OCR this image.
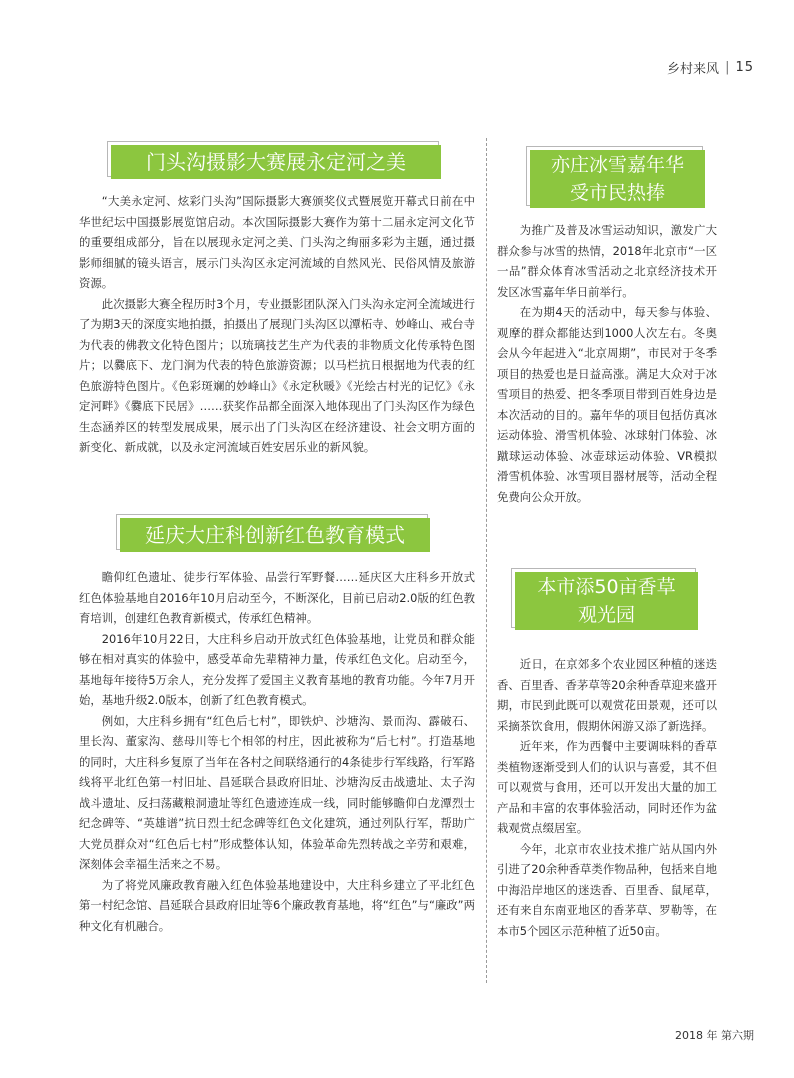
乡村来风 | 15
门头沟摄影大赛展永定河之美

“大美永定河、炫彩门头沟”国际摄影大赛颁奖仪式暨展览开幕式日前在中华世纪坛中国摄影展览馆启动。本次国际摄影大赛作为第十二届永定河文化节的重要组成部分，旨在以展现永定河之美、门头沟之绚丽多彩为主题，通过摄影师细腻的镜头语言，展示门头沟区永定河流域的自然风光、民俗风情及旅游资源。

此次摄影大赛全程历时3个月，专业摄影团队深入门头沟永定河全流域进行了为期3天的深度实地拍摄，拍摄出了展现门头沟区以潭柘寺、妙峰山、戒台寺为代表的佛教文化特色图片；以琉璃技艺生产为代表的非物质文化传承特色图片；以爨底下、龙门涧为代表的特色旅游资源；以马栏抗日根据地为代表的红色旅游特色图片。《色彩斑斓的妙峰山》《永定秋暖》《光绘古村光的记忆》《永定河畔》《爨底下民居》……获奖作品都全面深入地体现出了门头沟区作为绿色生态涵养区的转型发展成果，展示出了门头沟区在经济建设、社会文明方面的新变化、新成就，以及永定河流域百姓安居乐业的新风貌。

延庆大庄科创新红色教育模式

瞻仰红色遗址、徒步行军体验、品尝行军野餐……延庆区大庄科乡开放式红色体验基地自2016年10月启动至今，不断深化，目前已启动2.0版的红色教育培训，创建红色教育新模式，传承红色精神。

2016年10月22日，大庄科乡启动开放式红色体验基地，让党员和群众能够在相对真实的体验中，感受革命先辈精神力量，传承红色文化。启动至今，基地每年接待5万余人，充分发挥了爱国主义教育基地的教育功能。今年7月开始，基地升级2.0版本，创新了红色教育模式。

例如，大庄科乡拥有“红色后七村”，即铁炉、沙塘沟、景而沟、霹破石、里长沟、董家沟、慈母川等七个相邻的村庄，因此被称为“后七村”。打造基地的同时，大庄科乡复原了当年在各村之间联络通行的4条徒步行军线路，行军路线将平北红色第一村旧址、昌延联合县政府旧址、沙塘沟反击战遗址、太子沟战斗遗址、反扫荡藏粮洞遗址等红色遗迹连成一线，同时能够瞻仰白龙潭烈士纪念碑等、“英雄谱”抗日烈士纪念碑等红色文化建筑，通过列队行军，帮助广大党员群众对“红色后七村”形成整体认知，体验革命先烈转战之辛劳和艰难，深刻体会幸福生活来之不易。

为了将党风廉政教育融入红色体验基地建设中，大庄科乡建立了平北红色第一村纪念馆、昌延联合县政府旧址等6个廉政教育基地，将“红色”与“廉政”两种文化有机融合。

亦庄冰雪嘉年华
受市民热捧

为推广及普及冰雪运动知识，激发广大群众参与冰雪的热情，2018年北京市“一区一品”群众体育冰雪活动之北京经济技术开发区冰雪嘉年华日前举行。

在为期4天的活动中，每天参与体验、观摩的群众都能达到1000人次左右。冬奥会从今年起进入“北京周期”，市民对于冬季项目的热爱也是日益高涨。满足大众对于冰雪项目的热爱、把冬季项目带到百姓身边是本次活动的目的。嘉年华的项目包括仿真冰运动体验、滑雪机体验、冰球射门体验、冰蹴球运动体验、冰壶球运动体验、VR模拟滑雪机体验、冰雪项目器材展等，活动全程免费向公众开放。

本市添50亩香草
观光园

近日，在京郊多个农业园区种植的迷迭香、百里香、香茅草等20余种香草迎来盛开期，市民到此既可以观赏花田景观，还可以采摘茶饮食用，假期休闲游又添了新选择。

近年来，作为西餐中主要调味料的香草类植物逐渐受到人们的认识与喜爱，其不但可以观赏与食用，还可以开发出大量的加工产品和丰富的农事体验活动，同时还作为盆栽观赏点缀居室。

今年，北京市农业技术推广站从国内外引进了20余种香草类作物品种，包括来自地中海沿岸地区的迷迭香、百里香、鼠尾草，还有来自东南亚地区的香茅草、罗勒等，在本市5个园区示范种植了近50亩。

2018 年 第六期
